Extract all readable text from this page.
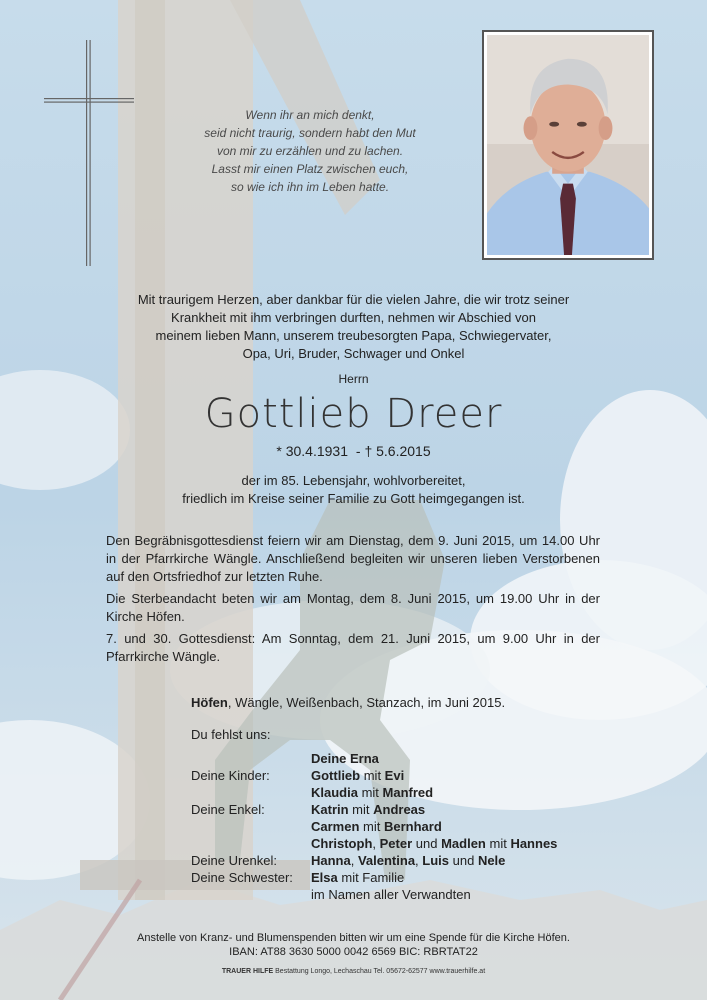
Wenn ihr an mich denkt,
seid nicht traurig, sondern habt den Mut
von mir zu erzählen und zu lachen.
Lasst mir einen Platz zwischen euch,
so wie ich ihn im Leben hatte.
Mit traurigem Herzen, aber dankbar für die vielen Jahre, die wir trotz seiner
Krankheit mit ihm verbringen durften, nehmen wir Abschied von
meinem lieben Mann, unserem treubesorgten Papa, Schwiegervater,
Opa, Uri, Bruder, Schwager und Onkel
Herrn
Gottlieb Dreer
* 30.4.1931 - † 5.6.2015
der im 85. Lebensjahr, wohlvorbereitet,
friedlich im Kreise seiner Familie zu Gott heimgegangen ist.
Den Begräbnisgottesdienst feiern wir am Dienstag, dem 9. Juni 2015, um 14.00 Uhr in der Pfarrkirche Wängle. Anschließend begleiten wir unseren lieben Verstorbenen auf den Ortsfriedhof zur letzten Ruhe.
Die Sterbeandacht beten wir am Montag, dem 8. Juni 2015, um 19.00 Uhr in der Kirche Höfen.
7. und 30. Gottesdienst: Am Sonntag, dem 21. Juni 2015, um 9.00 Uhr in der Pfarrkirche Wängle.
Höfen, Wängle, Weißenbach, Stanzach, im Juni 2015.
Du fehlst uns:
Deine Erna
Deine Kinder:	Gottlieb mit Evi
Klaudia mit Manfred
Deine Enkel:	Katrin mit Andreas
Carmen mit Bernhard
Christoph, Peter und Madlen mit Hannes
Deine Urenkel:	Hanna, Valentina, Luis und Nele
Deine Schwester:	Elsa mit Familie
im Namen aller Verwandten
Anstelle von Kranz- und Blumenspenden bitten wir um eine Spende für die Kirche Höfen.
IBAN: AT88 3630 5000 0042 6569 BIC: RBRTAT22
TRAUER HILFE Bestattung Longo, Lechaschau Tel. 05672-62577 www.trauerhilfe.at
